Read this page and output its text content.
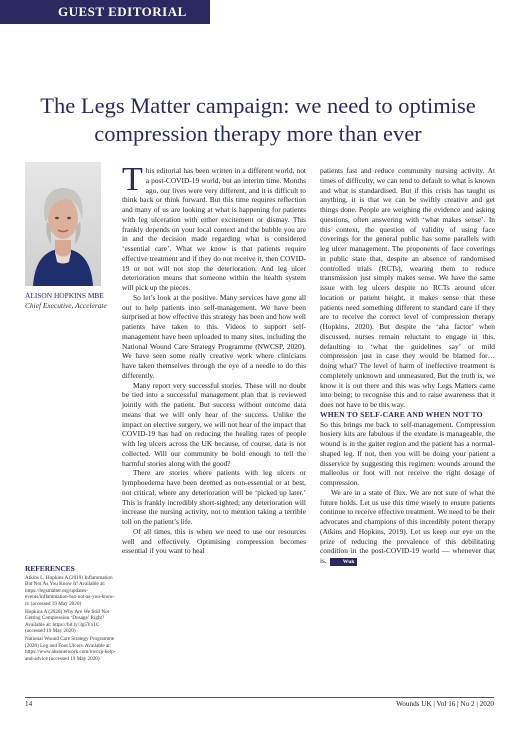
GUEST EDITORIAL
The Legs Matter campaign: we need to optimise compression therapy more than ever
ALISON HOPKINS MBE
Chief Executive, Accelerate

This editorial has been written in a different world, not a post-COVID-19 world, but an interim time. Months ago, our lives were very different, and it is difficult to think back or think forward. But this time requires reflection and many of us are looking at what is happening for patients with leg ulceration with either excitement or dismay. This frankly depends on your local context and the bubble you are in and the decision made regarding what is considered ‘essential care’. What we know is that patients require effective treatment and if they do not receive it, then COVID-19 or not will not stop the deterioration. And leg ulcer deterioration means that someone within the health system will pick up the pieces.

So let’s look at the positive. Many services have gone all out to help patients into self-management. We have been surprised at how effective this strategy has been and how well patients have taken to this. Videos to support self-management have been uploaded to many sites, including the National Wound Care Strategy Programme (NWCSP, 2020). We have seen some really creative work where clinicians have taken themselves through the eye of a needle to do this differently.

Many report very successful stories. These will no doubt be tied into a successful management plan that is reviewed jointly with the patient. But success without outcome data means that we will only hear of the success. Unlike the impact on elective surgery, we will not hear of the impact that COVID-19 has had on reducing the healing rates of people with leg ulcers across the UK because, of course, data is not collected. Will our community be bold enough to tell the harmful stories along with the good?

There are stories where patients with leg ulcers or lymphoedema have been deemed as non-essential or at best, not critical, where any deterioration will be ‘picked up later.’ This is frankly incredibly short-sighted; any deterioration will increase the nursing activity, not to mention taking a terrible toll on the patient’s life.

Of all times, this is when we need to use our resources well and effectively. Optimising compression becomes essential if you want to heal

patients fast and reduce community nursing activity. At times of difficulty, we can tend to default to what is known and what is standardised. But if this crisis has taught us anything, it is that we can be swiftly creative and get things done. People are weighing the evidence and asking questions, often answering with ‘what makes sense’. In this context, the question of validity of using face coverings for the general public has some parallels with leg ulcer management. The proponents of face coverings in public state that, despite an absence of randomised controlled trials (RCTs), wearing them to reduce transmission just simply makes sense. We have the same issue with leg ulcers despite no RCTs around ulcer location or patient height, it makes sense that these patients need something different to standard care if they are to receive the correct level of compression therapy (Hopkins, 2020). But despite the ‘aha factor’ when discussed, nurses remain reluctant to engage in this, defaulting to ‘what the guidelines say’ or mild compression just in case they would be blamed for… doing what? The level of harm of ineffective treatment is completely unknown and unmeasured. But the truth is, we know it is out there and this was why Legs Matters came into being; to recognise this and to raise awareness that it does not have to be this way.

WHEN TO SELF-CARE AND WHEN NOT TO

So this brings me back to self-management. Compression hosiery kits are fabulous if the exudate is manageable, the wound is in the gaiter region and the patient has a normal-shaped leg. If not, then you will be doing your patient a disservice by suggesting this regimen: wounds around the malleolus or foot will not receive the right dosage of compression.

We are in a state of flux. We are not sure of what the future holds. Let us use this time wisely to ensure patients continue to receive effective treatment. We need to be their advocates and champions of this incredibly potent therapy (Atkins and Hopkins, 2019). Let us keep our eye on the prize of reducing the prevalence of this debilitating condition in the post-COVID-19 world — whenever that is.	Wuk

REFERENCES

Atkins L, Hopkins A (2019) Inflammation But Not As You Know It! Available at: https://legsmatter.org/updates-events/inflammation-but-not-as-you-know-it/ (accessed 19 May 2020)

Hopkins A (2020) Why Are We Still Not Getting Compression ‘Dosage’ Right? Available at: https://bit.ly/3g5Yx1C (accessed 19 May 2020)

National Wound Care Strategy Programme (2020) Leg and Foot Ulcers. Available at: https://www.ahsnnetwork.com/nwcsp-help-and-advice (accessed 19 May 2020)

14	Wounds UK | Vol 16 | No 2 | 2020
